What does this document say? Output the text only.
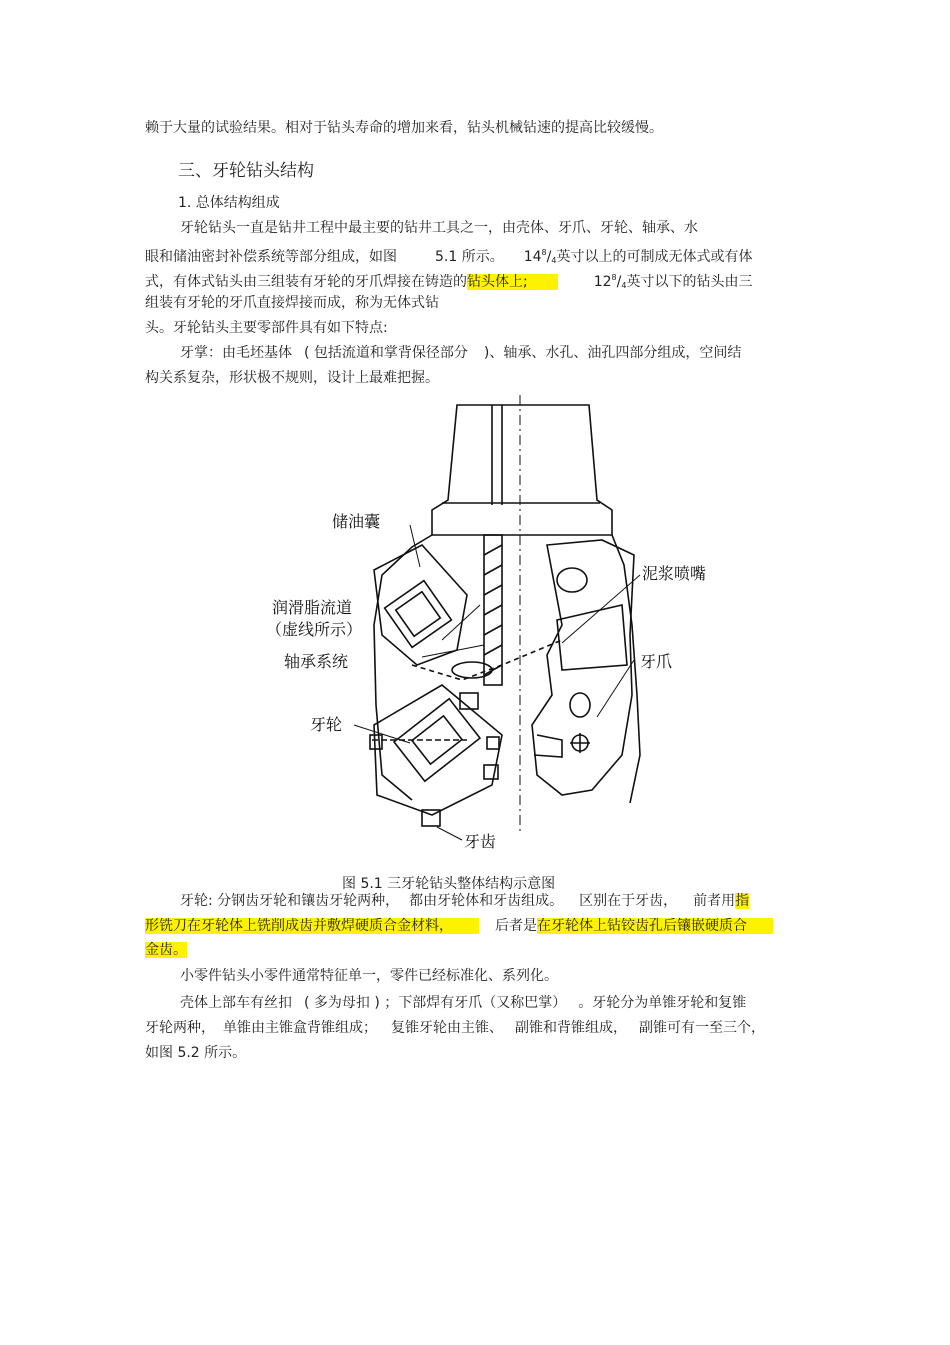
赖于大量的试验结果。相对于钻头寿命的增加来看，钻头机械钻速的提高比较缓慢。
三、牙轮钻头结构
1. 总体结构组成
牙轮钻头一直是钻井工程中最主要的钻井工具之一，由壳体、牙爪、牙轮、轴承、水
眼和储油密封补偿系统等部分组成，如图	5.1 所示。 $14^8/_4$英寸以上的可制成无体式或有体
式，有体式钻头由三组装有牙轮的牙爪焊接在铸造的钻头体上;	$12^8/_4$英寸以下的钻头由三
组装有牙轮的牙爪直接焊接而成，称为无体式钻
头。牙轮钻头主要零部件具有如下特点:
牙掌：由毛坯基体 ( 包括流道和掌背保径部分 )、轴承、水孔、油孔四部分组成，空间结
构关系复杂，形状极不规则，设计上最难把握。
储油囊
润滑脂流道
（虚线所示）
轴承系统
牙轮
泥浆喷嘴
牙爪
牙齿
图 5.1 三牙轮钻头整体结构示意图
牙轮: 分钢齿牙轮和镶齿牙轮两种， 都由牙轮体和牙齿组成。 区别在于牙齿， 前者用指
形铣刀在牙轮体上铣削成齿并敷焊硬质合金材料，	后者是在牙轮体上钻铰齿孔后镶嵌硬质合
金齿。
小零件钻头小零件通常特征单一，零件已经标准化、系列化。
壳体上部车有丝扣 ( 多为母扣 ) ；下部焊有牙爪（又称巴掌） 。牙轮分为单锥牙轮和复锥
牙轮两种， 单锥由主锥盒背锥组成； 复锥牙轮由主锥、 副锥和背锥组成， 副锥可有一至三个，
如图 5.2 所示。
